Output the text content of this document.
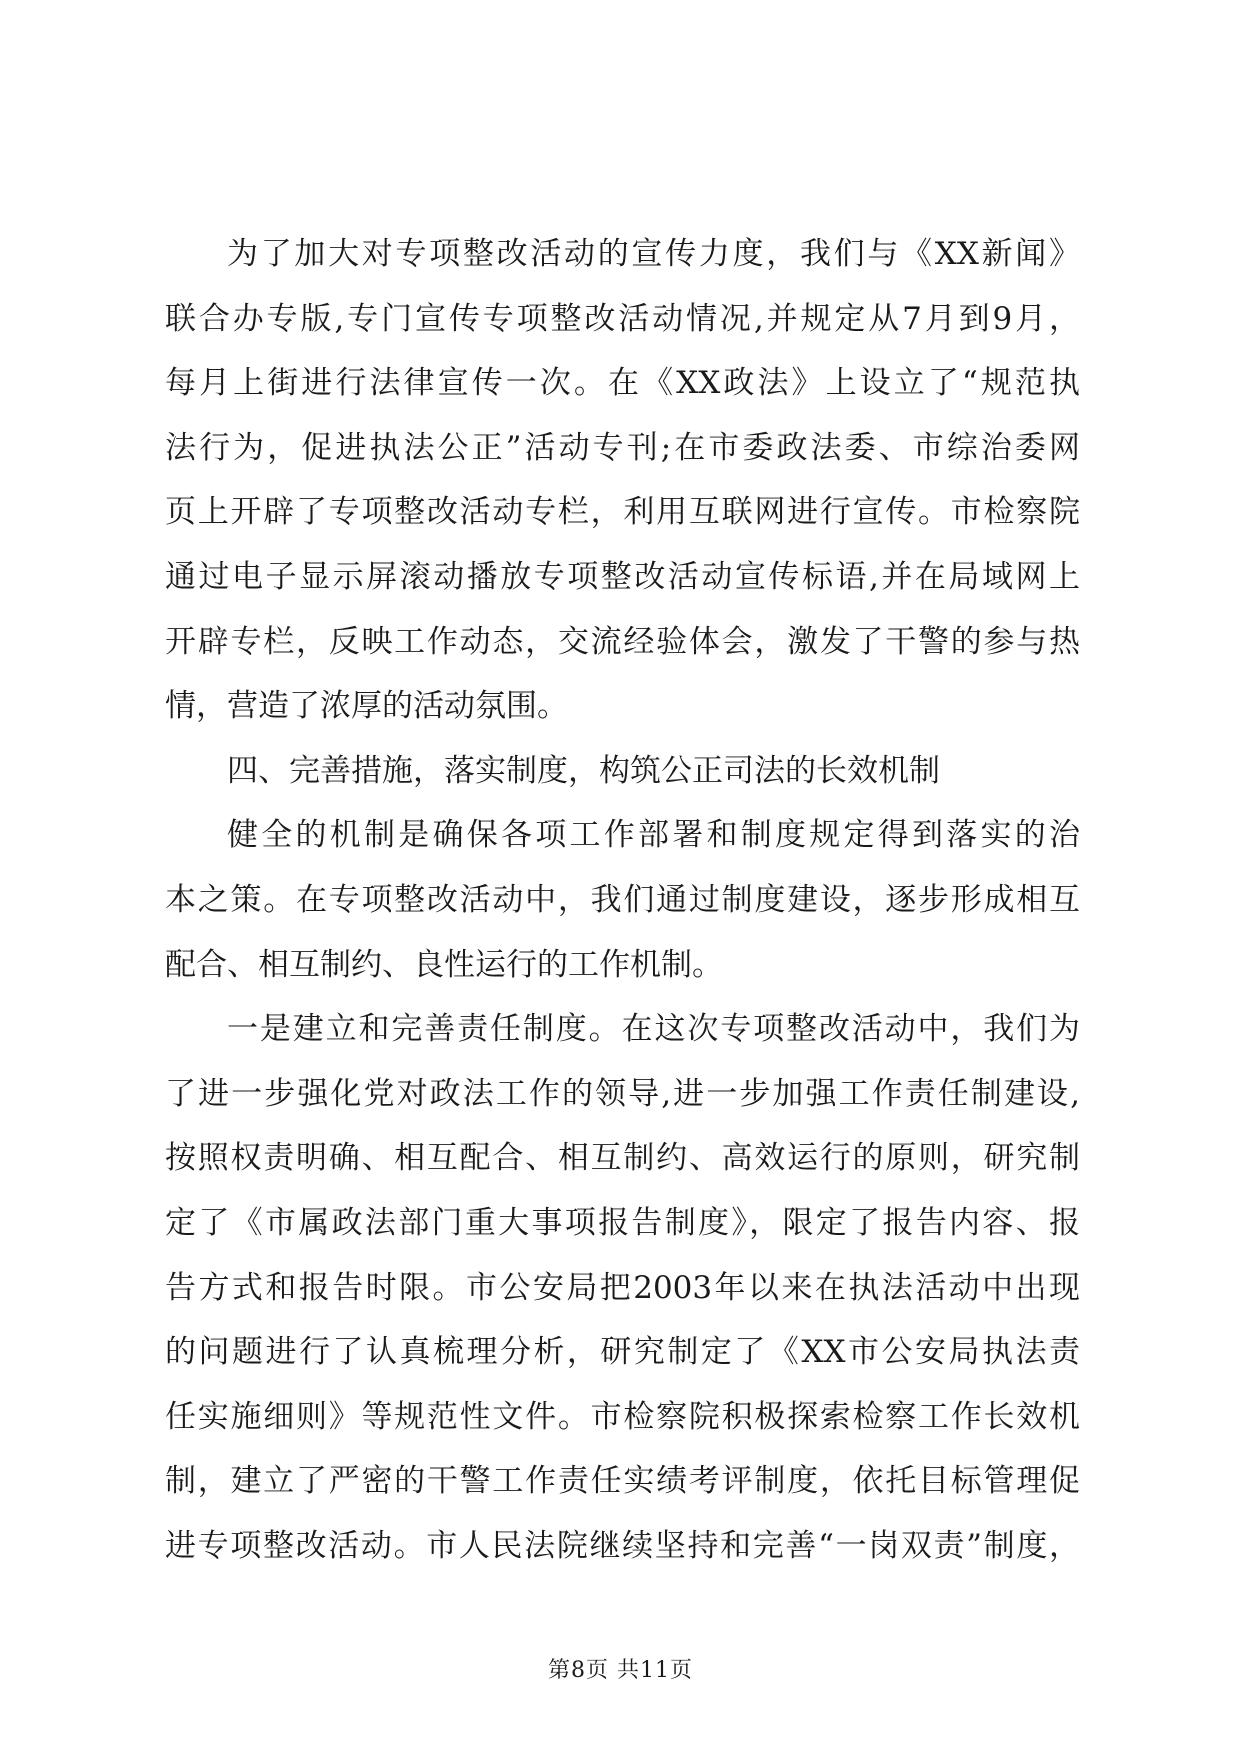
为了加大对专项整改活动的宣传力度，我们与《XX新闻》
联合办专版,专门宣传专项整改活动情况,并规定从7月到9月，
每月上街进行法律宣传一次。在《XX政法》上设立了“规范执
法行为，促进执法公正”活动专刊;在市委政法委、市综治委网
页上开辟了专项整改活动专栏，利用互联网进行宣传。市检察院
通过电子显示屏滚动播放专项整改活动宣传标语,并在局域网上
开辟专栏，反映工作动态，交流经验体会，激发了干警的参与热
情，营造了浓厚的活动氛围。
四、完善措施，落实制度，构筑公正司法的长效机制
健全的机制是确保各项工作部署和制度规定得到落实的治
本之策。在专项整改活动中，我们通过制度建设，逐步形成相互
配合、相互制约、良性运行的工作机制。
一是建立和完善责任制度。在这次专项整改活动中，我们为
了进一步强化党对政法工作的领导,进一步加强工作责任制建设,
按照权责明确、相互配合、相互制约、高效运行的原则，研究制
定了《市属政法部门重大事项报告制度》，限定了报告内容、报
告方式和报告时限。市公安局把2003年以来在执法活动中出现
的问题进行了认真梳理分析，研究制定了《XX市公安局执法责
任实施细则》等规范性文件。市检察院积极探索检察工作长效机
制，建立了严密的干警工作责任实绩考评制度，依托目标管理促
进专项整改活动。市人民法院继续坚持和完善“一岗双责”制度，
第8页 共11页
